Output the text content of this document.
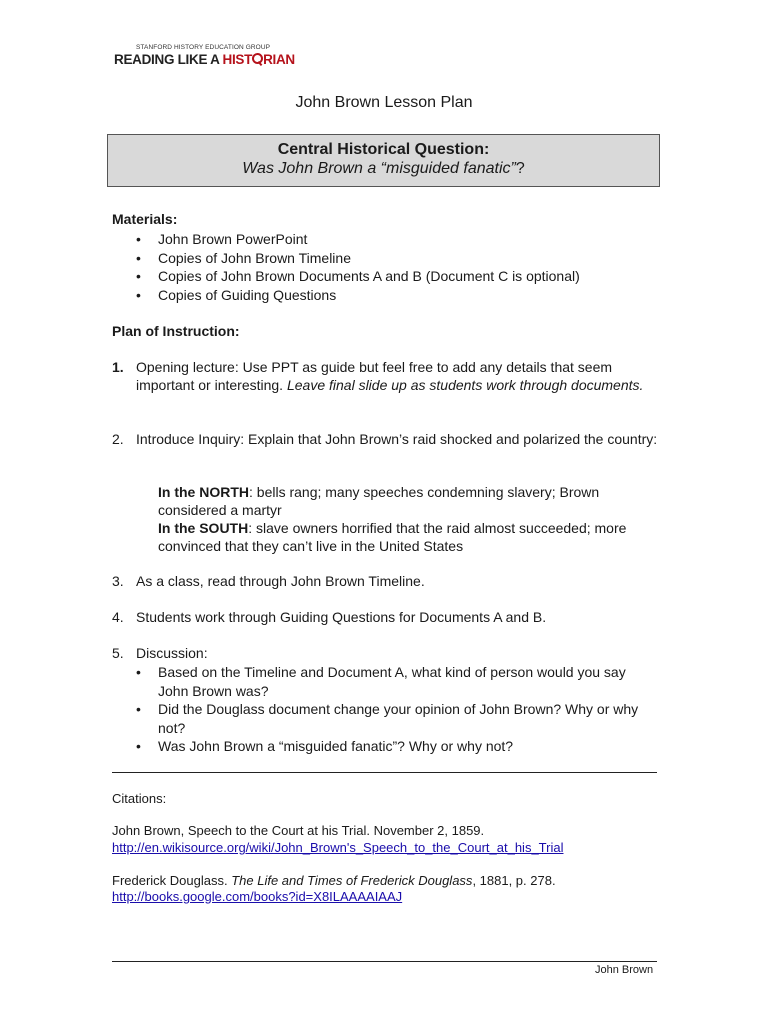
STANFORD HISTORY EDUCATION GROUP
READING LIKE A HIST RIAN
John Brown Lesson Plan
Central Historical Question:
Was John Brown a “misguided fanatic”?
Materials:
• John Brown PowerPoint
• Copies of John Brown Timeline
• Copies of John Brown Documents A and B (Document C is optional)
• Copies of Guiding Questions
Plan of Instruction:
1. Opening lecture: Use PPT as guide but feel free to add any details that seem important or interesting. Leave final slide up as students work through documents.
2. Introduce Inquiry: Explain that John Brown’s raid shocked and polarized the country:
In the NORTH: bells rang; many speeches condemning slavery; Brown considered a martyr
In the SOUTH: slave owners horrified that the raid almost succeeded; more convinced that they can’t live in the United States
3. As a class, read through John Brown Timeline.
4. Students work through Guiding Questions for Documents A and B.
5. Discussion:
• Based on the Timeline and Document A, what kind of person would you say John Brown was?
• Did the Douglass document change your opinion of John Brown? Why or why not?
• Was John Brown a “misguided fanatic”? Why or why not?
Citations:
John Brown, Speech to the Court at his Trial. November 2, 1859.
http://en.wikisource.org/wiki/John_Brown's_Speech_to_the_Court_at_his_Trial
Frederick Douglass. The Life and Times of Frederick Douglass, 1881, p. 278.
http://books.google.com/books?id=X8ILAAAAIAAJ
John Brown
